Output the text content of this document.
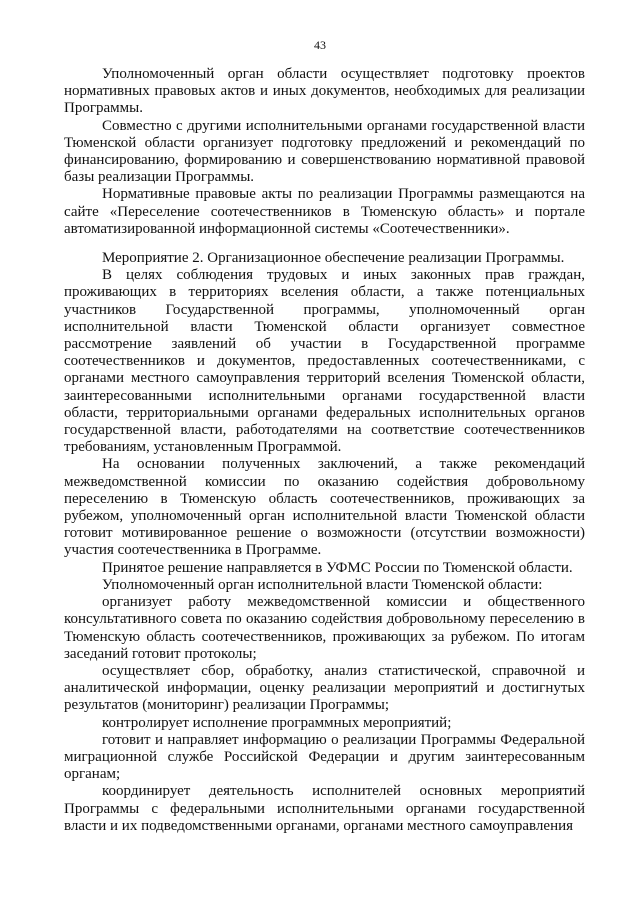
43

Уполномоченный орган области осуществляет подготовку проектов нормативных правовых актов и иных документов, необходимых для реализации Программы.

Совместно с другими исполнительными органами государственной власти Тюменской области организует подготовку предложений и рекомендаций по финансированию, формированию и совершенствованию нормативной правовой базы реализации Программы.

Нормативные правовые акты по реализации Программы размещаются на сайте «Переселение соотечественников в Тюменскую область» и портале автоматизированной информационной системы «Соотечественники».

Мероприятие 2. Организационное обеспечение реализации Программы.

В целях соблюдения трудовых и иных законных прав граждан, проживающих в территориях вселения области, а также потенциальных участников Государственной программы, уполномоченный орган исполнительной власти Тюменской области организует совместное рассмотрение заявлений об участии в Государственной программе соотечественников и документов, предоставленных соотечественниками, с органами местного самоуправления территорий вселения Тюменской области, заинтересованными исполнительными органами государственной власти области, территориальными органами федеральных исполнительных органов государственной власти, работодателями на соответствие соотечественников требованиям, установленным Программой.

На основании полученных заключений, а также рекомендаций межведомственной комиссии по оказанию содействия добровольному переселению в Тюменскую область соотечественников, проживающих за рубежом, уполномоченный орган исполнительной власти Тюменской области готовит мотивированное решение о возможности (отсутствии возможности) участия соотечественника в Программе.

Принятое решение направляется в УФМС России по Тюменской области.

Уполномоченный орган исполнительной власти Тюменской области:

организует работу межведомственной комиссии и общественного консультативного совета по оказанию содействия добровольному переселению в Тюменскую область соотечественников, проживающих за рубежом. По итогам заседаний готовит протоколы;

осуществляет сбор, обработку, анализ статистической, справочной и аналитической информации, оценку реализации мероприятий и достигнутых результатов (мониторинг) реализации Программы;

контролирует исполнение программных мероприятий;

готовит и направляет информацию о реализации Программы Федеральной миграционной службе Российской Федерации и другим заинтересованным органам;

координирует деятельность исполнителей основных мероприятий Программы с федеральными исполнительными органами государственной власти и их подведомственными органами, органами местного самоуправления
